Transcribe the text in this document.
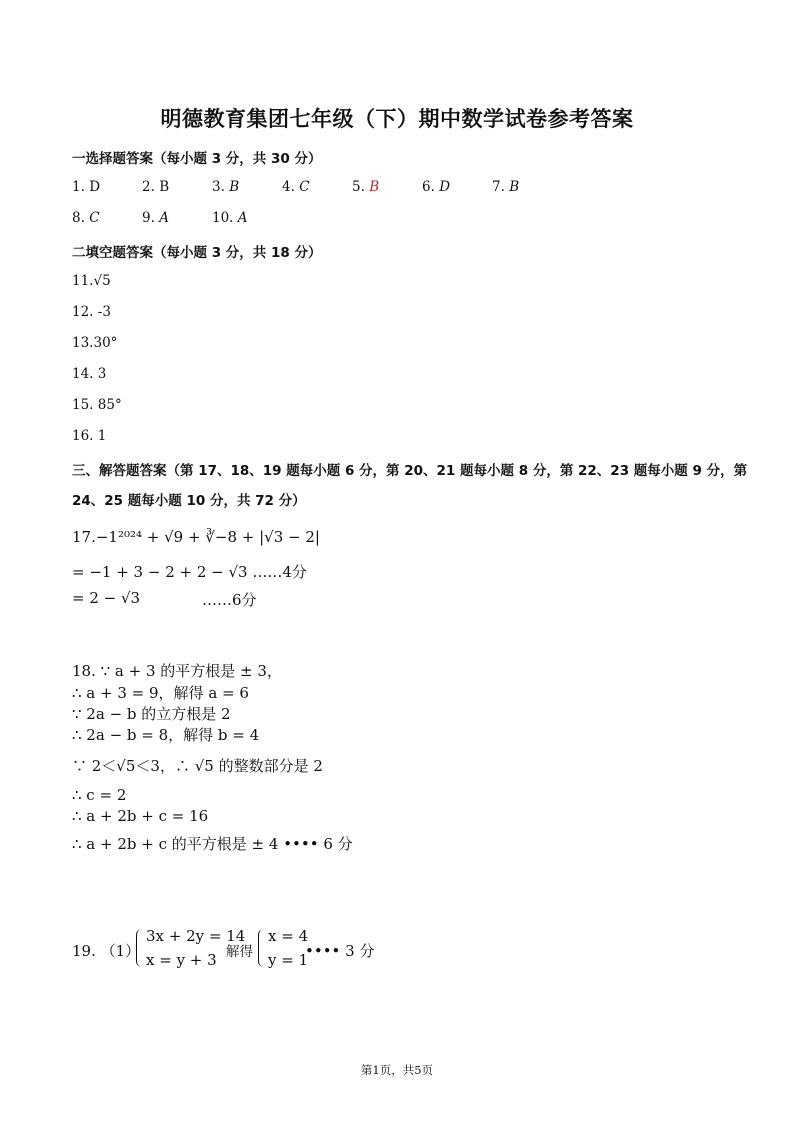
明德教育集团七年级（下）期中数学试卷参考答案
一选择题答案（每小题 3 分，共 30 分）
1. D	2. B	3. B	4. C	5. B	6. D	7. B
8. C	9. A	10. A
二填空题答案（每小题 3 分，共 18 分）
11.√5
12. -3
13.30°
14. 3
15. 85°
16. 1
三、解答题答案（第 17、18、19 题每小题 6 分，第 20、21 题每小题 8 分，第 22、23 题每小题 9 分，第
24、25 题每小题 10 分，共 72 分）
17.−1²⁰²⁴ + √9 + ∛−8 + |√3 − 2|
= −1 + 3 − 2 + 2 − √3 ……4分
= 2 − √3	……6分
18. ∵ a + 3 的平方根是 ± 3，
∴ a + 3 = 9，解得 a = 6
∵ 2a − b 的立方根是 2
∴ 2a − b = 8，解得 b = 4
∵ 2＜√5＜3，∴ √5 的整数部分是 2
∴ c = 2
∴ a + 2b + c = 16
∴ a + 2b + c 的平方根是 ± 4 •••• 6 分
19. （1）
3x + 2y = 14
x = y + 3 解得
x = 4
y = 1
•••• 3 分
第1页，共5页
